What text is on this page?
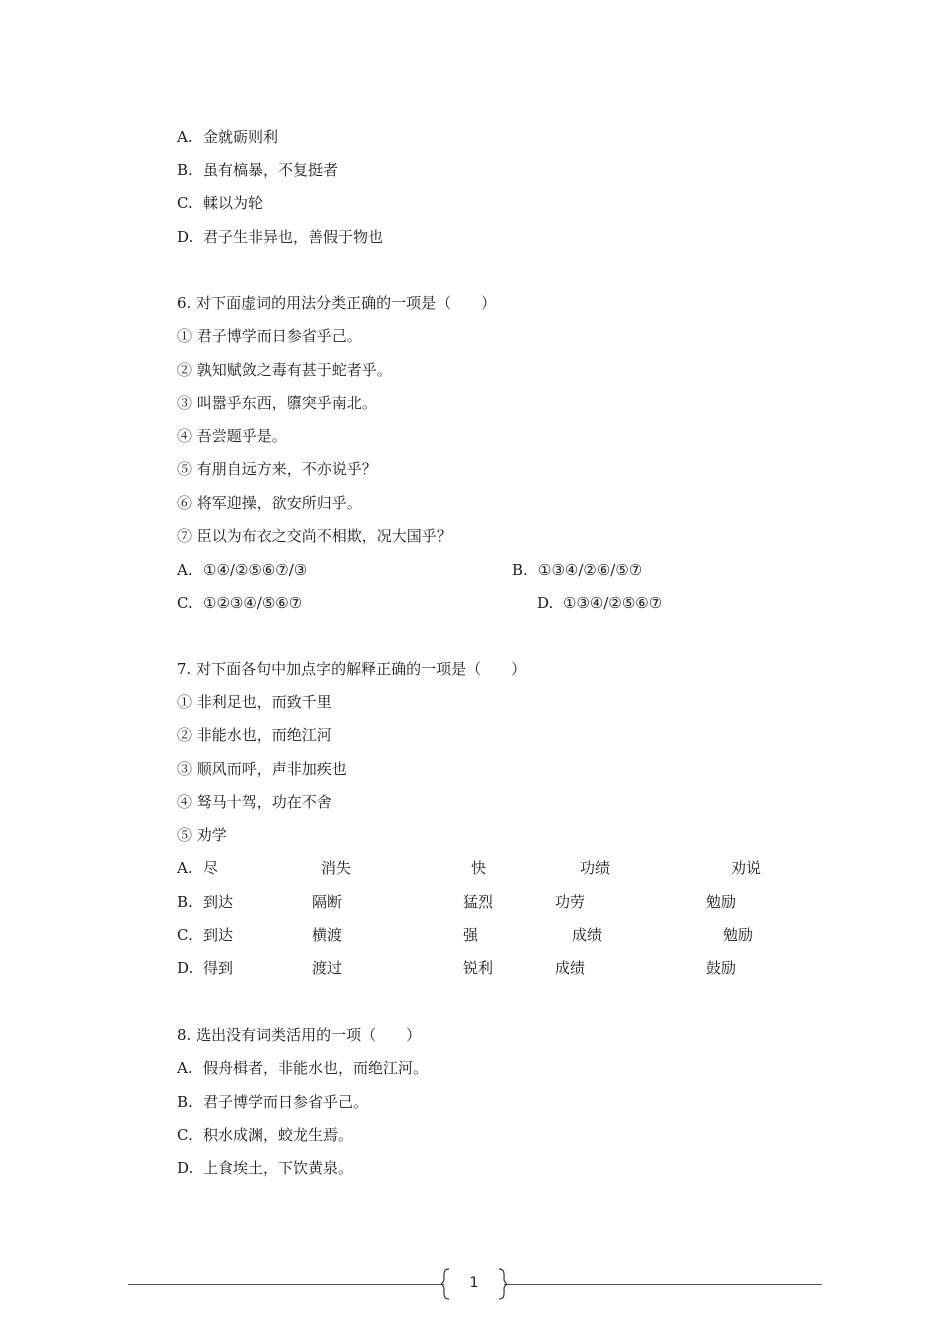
A. 金就砺则利
B. 虽有槁暴，不复挺者
C. 輮以为轮
D. 君子生非异也，善假于物也
6. 对下面虚词的用法分类正确的一项是（　　）
① 君子博学而日参省乎己。
② 孰知赋敛之毒有甚于蛇者乎。
③ 叫嚣乎东西，隳突乎南北。
④ 吾尝题乎是。
⑤ 有朋自远方来，不亦说乎？
⑥ 将军迎操，欲安所归乎。
⑦ 臣以为布衣之交尚不相欺，况大国乎？
A. ①④/②⑤⑥⑦/③	B. ①③④/②⑥/⑤⑦
C. ①②③④/⑤⑥⑦	D. ①③④/②⑤⑥⑦
7. 对下面各句中加点字的解释正确的一项是（　　）
① 非利足也，而致千里
② 非能水也，而绝江河
③ 顺风而呼，声非加疾也
④ 驽马十驾，功在不舍
⑤ 劝学
A. 尽	消失	快	功绩	劝说
B. 到达	隔断	猛烈	功劳	勉励
C. 到达	横渡	强	成绩	勉励
D. 得到	渡过	锐利	成绩	鼓励
8. 选出没有词类活用的一项（　　）
A. 假舟楫者，非能水也，而绝江河。
B. 君子博学而日参省乎己。
C. 积水成渊，蛟龙生焉。
D. 上食埃土，下饮黄泉。
1
